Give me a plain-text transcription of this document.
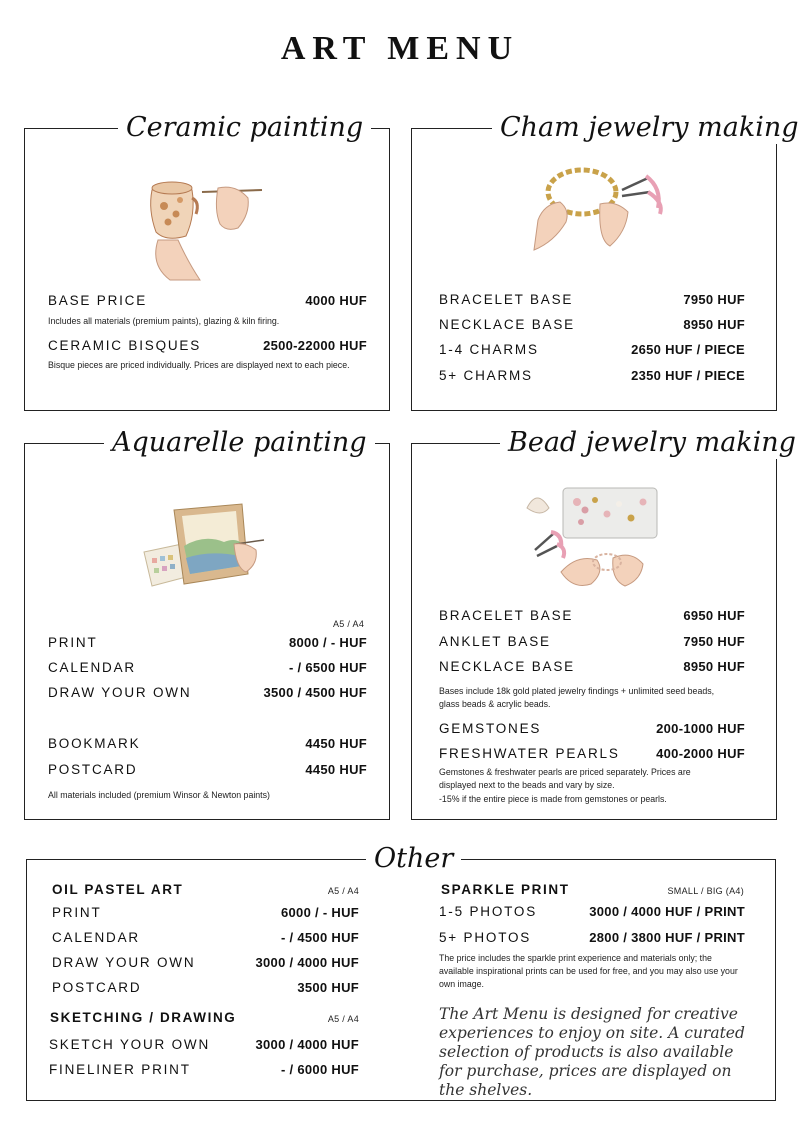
ART MENU
Ceramic painting
BASE PRICE	4000 HUF
Includes all materials (premium paints), glazing & kiln firing.
CERAMIC BISQUES	2500-22000 HUF
Bisque pieces are priced individually. Prices are displayed next to each piece.
Cham jewelry making
BRACELET BASE	7950 HUF
NECKLACE BASE	8950 HUF
1-4 CHARMS	2650 HUF / PIECE
5+ CHARMS	2350 HUF / PIECE
Aquarelle painting
A5 / A4
PRINT	8000 / - HUF
CALENDAR	- / 6500 HUF
DRAW YOUR OWN	3500 / 4500 HUF
BOOKMARK	4450 HUF
POSTCARD	4450 HUF
All materials included (premium Winsor & Newton paints)
Bead jewelry making
BRACELET BASE	6950 HUF
ANKLET BASE	7950 HUF
NECKLACE BASE	8950 HUF
Bases include 18k gold plated jewelry findings + unlimited seed beads, glass beads & acrylic beads.
GEMSTONES	200-1000 HUF
FRESHWATER PEARLS	400-2000 HUF
Gemstones & freshwater pearls are priced separately. Prices are displayed next to the beads and vary by size.
-15% if the entire piece is made from gemstones or pearls.
Other
OIL PASTEL ART	A5 / A4
PRINT	6000 / - HUF
CALENDAR	- / 4500 HUF
DRAW YOUR OWN	3000 / 4000 HUF
POSTCARD	3500 HUF
SKETCHING / DRAWING	A5 / A4
SKETCH YOUR OWN	3000 / 4000 HUF
FINELINER PRINT	- / 6000 HUF
SPARKLE PRINT	SMALL / BIG (A4)
1-5 PHOTOS	3000 / 4000 HUF / PRINT
5+ PHOTOS	2800 / 3800 HUF / PRINT
The price includes the sparkle print experience and materials only; the available inspirational prints can be used for free, and you may also use your own image.
The Art Menu is designed for creative experiences to enjoy on site. A curated selection of products is also available for purchase, prices are displayed on the shelves.
